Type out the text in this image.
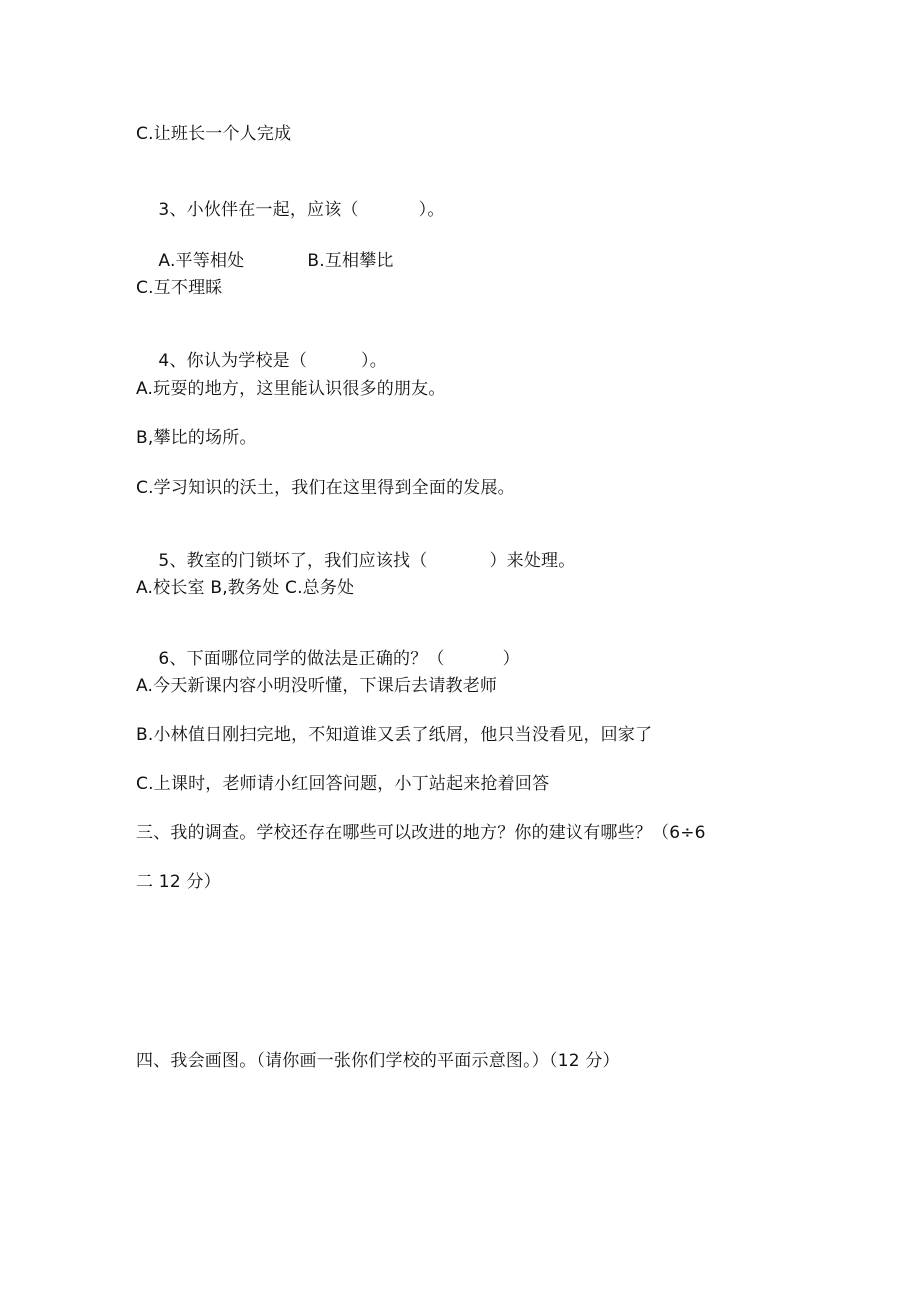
C.让班长一个人完成

3、小伙伴在一起，应该（	）。

A.平等相处	B.互相攀比

C.互不理睬

4、你认为学校是（	）。

A.玩耍的地方，这里能认识很多的朋友。
B,攀比的场所。
C.学习知识的沃土，我们在这里得到全面的发展。

5、教室的门锁坏了，我们应该找（	）来处理。

A.校长室 B,教务处 C.总务处

6、下面哪位同学的做法是正确的？（	）

A.今天新课内容小明没听懂，下课后去请教老师
B.小林值日刚扫完地，不知道谁又丢了纸屑，他只当没看见，回家了
C.上课时，老师请小红回答问题，小丁站起来抢着回答
三、我的调查。学校还存在哪些可以改进的地方？你的建议有哪些？（6÷6
二 12 分）
四、我会画图。（请你画一张你们学校的平面示意图。）（12 分）
